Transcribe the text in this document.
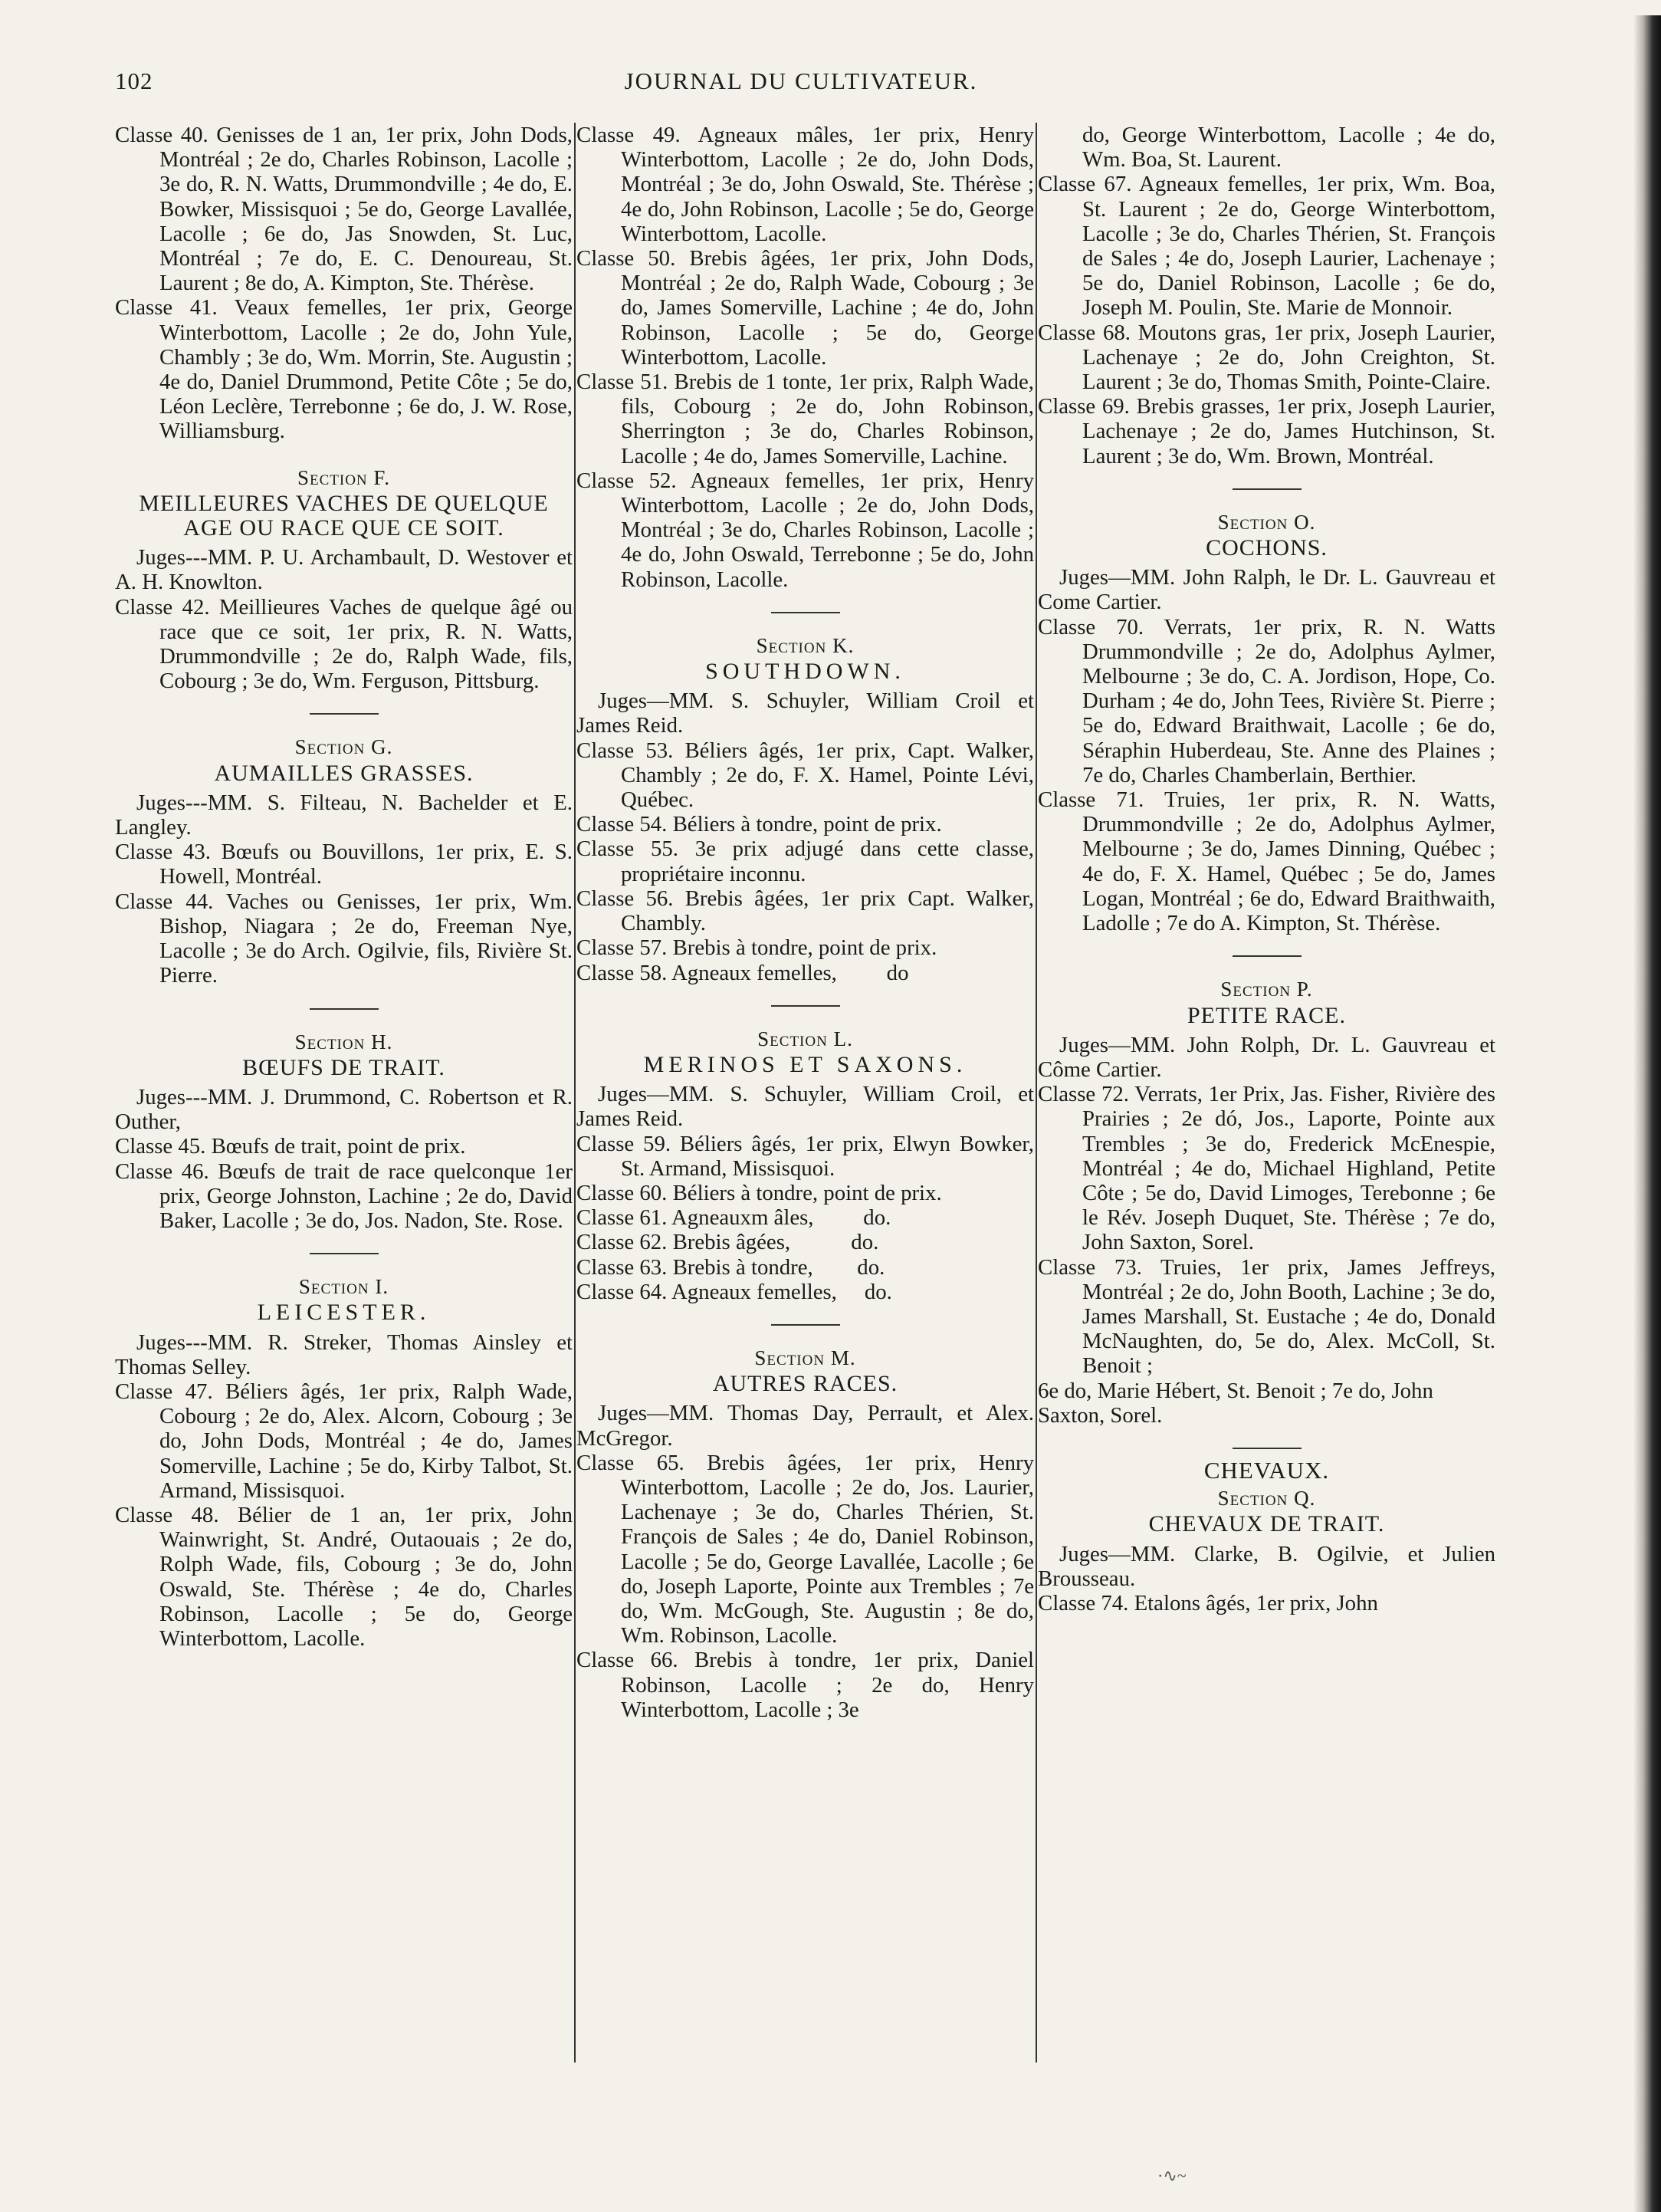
102	JOURNAL DU CULTIVATEUR.

Classe 40. Genisses de 1 an, 1er prix, John Dods, Montréal ; 2e do, Charles Robinson, Lacolle ; 3e do, R. N. Watts, Drummondville ; 4e do, E. Bowker, Missisquoi ; 5e do, George Lavallée, Lacolle ; 6e do, Jas Snowden, St. Luc, Montréal ; 7e do, E. C. Denoureau, St. Laurent ; 8e do, A. Kimpton, Ste. Thérèse.

Classe 41. Veaux femelles, 1er prix, George Winterbottom, Lacolle ; 2e do, John Yule, Chambly ; 3e do, Wm. Morrin, Ste. Augustin ; 4e do, Daniel Drummond, Petite Côte ; 5e do, Léon Leclère, Terrebonne ; 6e do, J. W. Rose, Williamsburg.

Section F.
MEILLEURES VACHES DE QUELQUE AGE OU RACE QUE CE SOIT.

Juges---MM. P. U. Archambault, D. Westover et A. H. Knowlton.

Classe 42. Meillieures Vaches de quelque âgé ou race que ce soit, 1er prix, R. N. Watts, Drummondville ; 2e do, Ralph Wade, fils, Cobourg ; 3e do, Wm. Ferguson, Pittsburg.

Section G.
AUMAILLES GRASSES.

Juges---MM. S. Filteau, N. Bachelder et E. Langley.

Classe 43. Bœufs ou Bouvillons, 1er prix, E. S. Howell, Montréal.

Classe 44. Vaches ou Genisses, 1er prix, Wm. Bishop, Niagara ; 2e do, Freeman Nye, Lacolle ; 3e do Arch. Ogilvie, fils, Rivière St. Pierre.

Section H.
BŒUFS DE TRAIT.

Juges---MM. J. Drummond, C. Robertson et R. Outher,

Classe 45. Bœufs de trait, point de prix.

Classe 46. Bœufs de trait de race quelconque 1er prix, George Johnston, Lachine ; 2e do, David Baker, Lacolle ; 3e do, Jos. Nadon, Ste. Rose.

Section I.
LEICESTER.

Juges---MM. R. Streker, Thomas Ainsley et Thomas Selley.

Classe 47. Béliers âgés, 1er prix, Ralph Wade, Cobourg ; 2e do, Alex. Alcorn, Cobourg ; 3e do, John Dods, Montréal ; 4e do, James Somerville, Lachine ; 5e do, Kirby Talbot, St. Armand, Missisquoi.

Classe 48. Bélier de 1 an, 1er prix, John Wainwright, St. André, Outaouais ; 2e do, Rolph Wade, fils, Cobourg ; 3e do, John Oswald, Ste. Thérèse ; 4e do, Charles Robinson, Lacolle ; 5e do, George Winterbottom, Lacolle.

Classe 49. Agneaux mâles, 1er prix, Henry Winterbottom, Lacolle ; 2e do, John Dods, Montréal ; 3e do, John Oswald, Ste. Thérèse ; 4e do, John Robinson, Lacolle ; 5e do, George Winterbottom, Lacolle.

Classe 50. Brebis âgées, 1er prix, John Dods, Montréal ; 2e do, Ralph Wade, Cobourg ; 3e do, James Somerville, Lachine ; 4e do, John Robinson, Lacolle ; 5e do, George Winterbottom, Lacolle.

Classe 51. Brebis de 1 tonte, 1er prix, Ralph Wade, fils, Cobourg ; 2e do, John Robinson, Sherrington ; 3e do, Charles Robinson, Lacolle ; 4e do, James Somerville, Lachine.

Classe 52. Agneaux femelles, 1er prix, Henry Winterbottom, Lacolle ; 2e do, John Dods, Montréal ; 3e do, Charles Robinson, Lacolle ; 4e do, John Oswald, Terrebonne ; 5e do, John Robinson, Lacolle.

Section K.
SOUTHDOWN.

Juges—MM. S. Schuyler, William Croil et James Reid.

Classe 53. Béliers âgés, 1er prix, Capt. Walker, Chambly ; 2e do, F. X. Hamel, Pointe Lévi, Québec.

Classe 54. Béliers à tondre, point de prix.

Classe 55. 3e prix adjugé dans cette classe, propriétaire inconnu.

Classe 56. Brebis âgées, 1er prix Capt. Walker, Chambly.

Classe 57. Brebis à tondre, point de prix.

Classe 58. Agneaux femelles,         do

Section L.
MERINOS ET SAXONS.

Juges—MM. S. Schuyler, William Croil, et James Reid.

Classe 59. Béliers âgés, 1er prix, Elwyn Bowker, St. Armand, Missisquoi.

Classe 60. Béliers à tondre, point de prix.

Classe 61. Agneauxm âles,         do.

Classe 62. Brebis âgées,           do.

Classe 63. Brebis à tondre,        do.

Classe 64. Agneaux femelles,     do.

Section M.
AUTRES RACES.

Juges—MM. Thomas Day, Perrault, et Alex. McGregor.

Classe 65. Brebis âgées, 1er prix, Henry Winterbottom, Lacolle ; 2e do, Jos. Laurier, Lachenaye ; 3e do, Charles Thérien, St. François de Sales ; 4e do, Daniel Robinson, Lacolle ; 5e do, George Lavallée, Lacolle ; 6e do, Joseph Laporte, Pointe aux Trembles ; 7e do, Wm. McGough, Ste. Augustin ; 8e do, Wm. Robinson, Lacolle.

Classe 66. Brebis à tondre, 1er prix, Daniel Robinson, Lacolle ; 2e do, Henry Winterbottom, Lacolle ; 3e

do, George Winterbottom, Lacolle ; 4e do, Wm. Boa, St. Laurent.

Classe 67. Agneaux femelles, 1er prix, Wm. Boa, St. Laurent ; 2e do, George Winterbottom, Lacolle ; 3e do, Charles Thérien, St. François de Sales ; 4e do, Joseph Laurier, Lachenaye ; 5e do, Daniel Robinson, Lacolle ; 6e do, Joseph M. Poulin, Ste. Marie de Monnoir.

Classe 68. Moutons gras, 1er prix, Joseph Laurier, Lachenaye ; 2e do, John Creighton, St. Laurent ; 3e do, Thomas Smith, Pointe-Claire.

Classe 69. Brebis grasses, 1er prix, Joseph Laurier, Lachenaye ; 2e do, James Hutchinson, St. Laurent ; 3e do, Wm. Brown, Montréal.

Section O.
COCHONS.

Juges—MM. John Ralph, le Dr. L. Gauvreau et Come Cartier.

Classe 70. Verrats, 1er prix, R. N. Watts Drummondville ; 2e do, Adolphus Aylmer, Melbourne ; 3e do, C. A. Jordison, Hope, Co. Durham ; 4e do, John Tees, Rivière St. Pierre ; 5e do, Edward Braithwait, Lacolle ; 6e do, Séraphin Huberdeau, Ste. Anne des Plaines ; 7e do, Charles Chamberlain, Berthier.

Classe 71. Truies, 1er prix, R. N. Watts, Drummondville ; 2e do, Adolphus Aylmer, Melbourne ; 3e do, James Dinning, Québec ; 4e do, F. X. Hamel, Québec ; 5e do, James Logan, Montréal ; 6e do, Edward Braithwaith, Ladolle ; 7e do A. Kimpton, St. Thérèse.

Section P.
PETITE RACE.

Juges—MM. John Rolph, Dr. L. Gauvreau et Côme Cartier.

Classe 72. Verrats, 1er Prix, Jas. Fisher, Rivière des Prairies ; 2e dó, Jos., Laporte, Pointe aux Trembles ; 3e do, Frederick McEnespie, Montréal ; 4e do, Michael Highland, Petite Côte ; 5e do, David Limoges, Terebonne ; 6e le Rév. Joseph Duquet, Ste. Thérèse ; 7e do, John Saxton, Sorel.

Classe 73. Truies, 1er prix, James Jeffreys, Montréal ; 2e do, John Booth, Lachine ; 3e do, James Marshall, St. Eustache ; 4e do, Donald McNaughten, do, 5e do, Alex. McColl, St. Benoit ;

6e do, Marie Hébert, St. Benoit ; 7e do, John Saxton, Sorel.

CHEVAUX.
Section Q.
CHEVAUX DE TRAIT.

Juges—MM. Clarke, B. Ogilvie, et Julien Brousseau.

Classe 74. Etalons âgés, 1er prix, John

·∿~
